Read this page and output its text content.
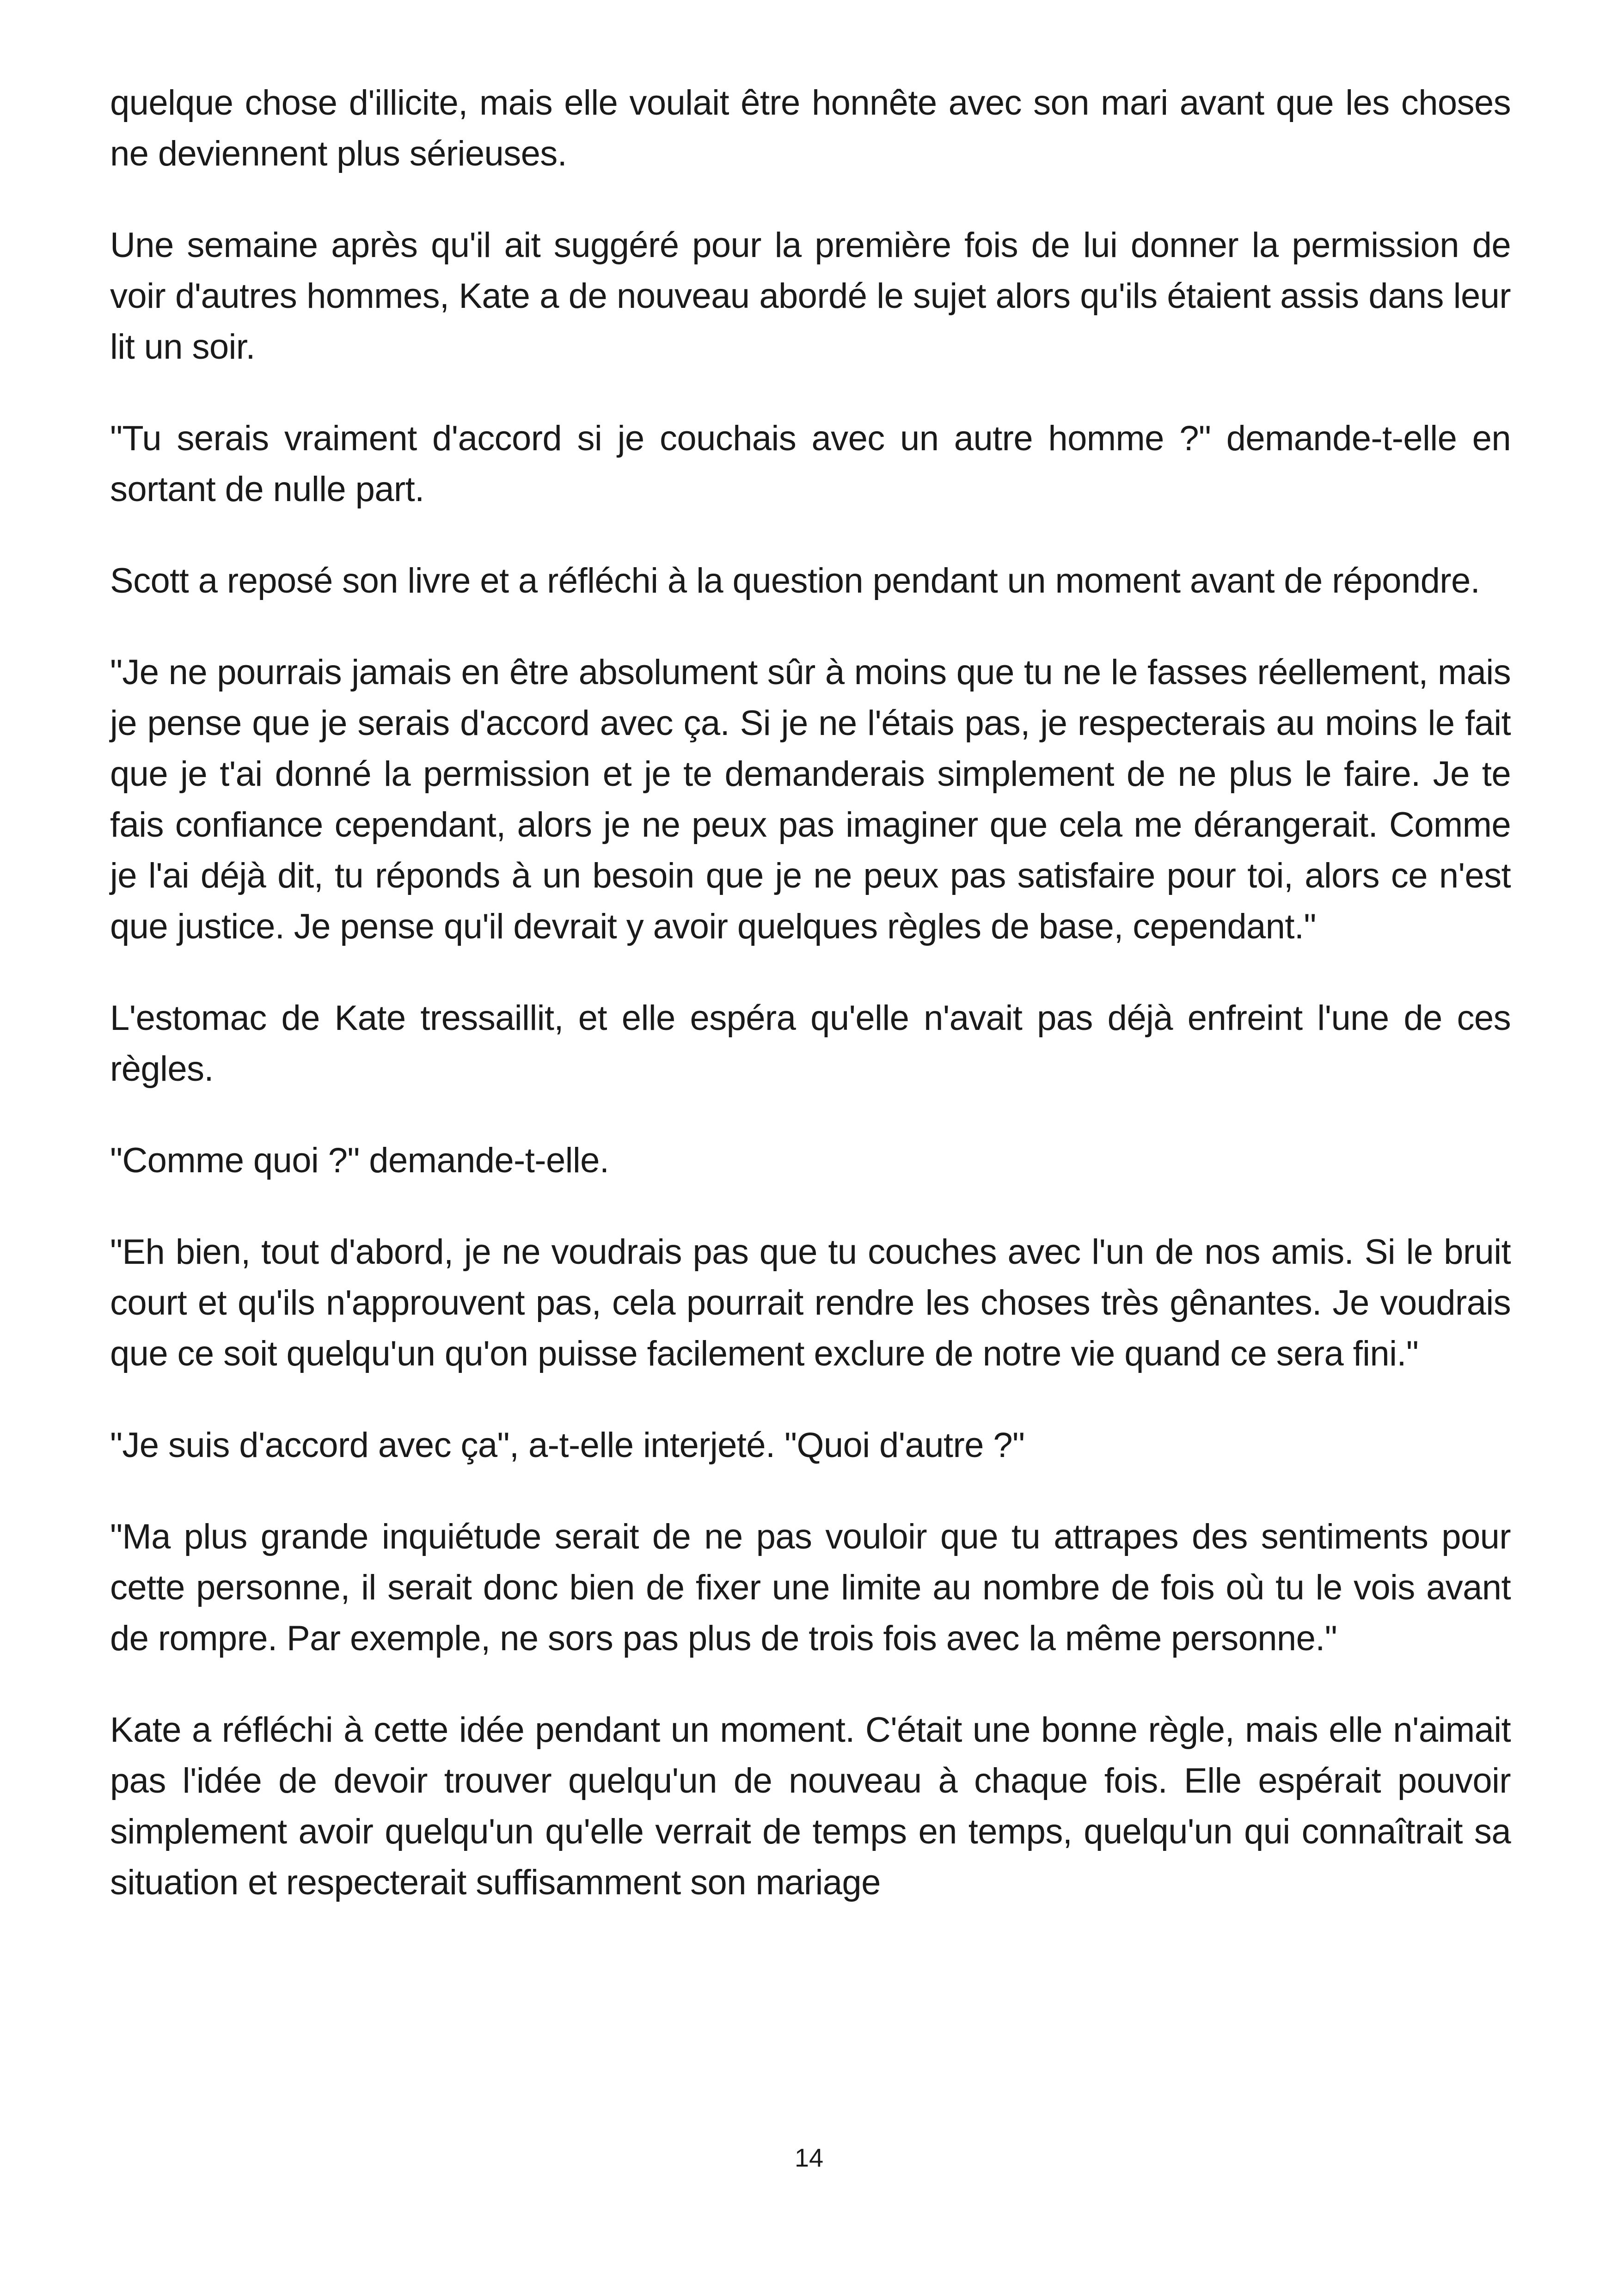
quelque chose d'illicite, mais elle voulait être honnête avec son mari avant que les choses ne deviennent plus sérieuses.

Une semaine après qu'il ait suggéré pour la première fois de lui donner la permission de voir d'autres hommes, Kate a de nouveau abordé le sujet alors qu'ils étaient assis dans leur lit un soir.

"Tu serais vraiment d'accord si je couchais avec un autre homme ?" demande-t-elle en sortant de nulle part.

Scott a reposé son livre et a réfléchi à la question pendant un moment avant de répondre.

"Je ne pourrais jamais en être absolument sûr à moins que tu ne le fasses réellement, mais je pense que je serais d'accord avec ça. Si je ne l'étais pas, je respecterais au moins le fait que je t'ai donné la permission et je te demanderais simplement de ne plus le faire. Je te fais confiance cependant, alors je ne peux pas imaginer que cela me dérangerait. Comme je l'ai déjà dit, tu réponds à un besoin que je ne peux pas satisfaire pour toi, alors ce n'est que justice. Je pense qu'il devrait y avoir quelques règles de base, cependant."

L'estomac de Kate tressaillit, et elle espéra qu'elle n'avait pas déjà enfreint l'une de ces règles.

"Comme quoi ?" demande-t-elle.

"Eh bien, tout d'abord, je ne voudrais pas que tu couches avec l'un de nos amis. Si le bruit court et qu'ils n'approuvent pas, cela pourrait rendre les choses très gênantes. Je voudrais que ce soit quelqu'un qu'on puisse facilement exclure de notre vie quand ce sera fini."

"Je suis d'accord avec ça", a-t-elle interjeté. "Quoi d'autre ?"

"Ma plus grande inquiétude serait de ne pas vouloir que tu attrapes des sentiments pour cette personne, il serait donc bien de fixer une limite au nombre de fois où tu le vois avant de rompre. Par exemple, ne sors pas plus de trois fois avec la même personne."

Kate a réfléchi à cette idée pendant un moment. C'était une bonne règle, mais elle n'aimait pas l'idée de devoir trouver quelqu'un de nouveau à chaque fois. Elle espérait pouvoir simplement avoir quelqu'un qu'elle verrait de temps en temps, quelqu'un qui connaîtrait sa situation et respecterait suffisamment son mariage

14
